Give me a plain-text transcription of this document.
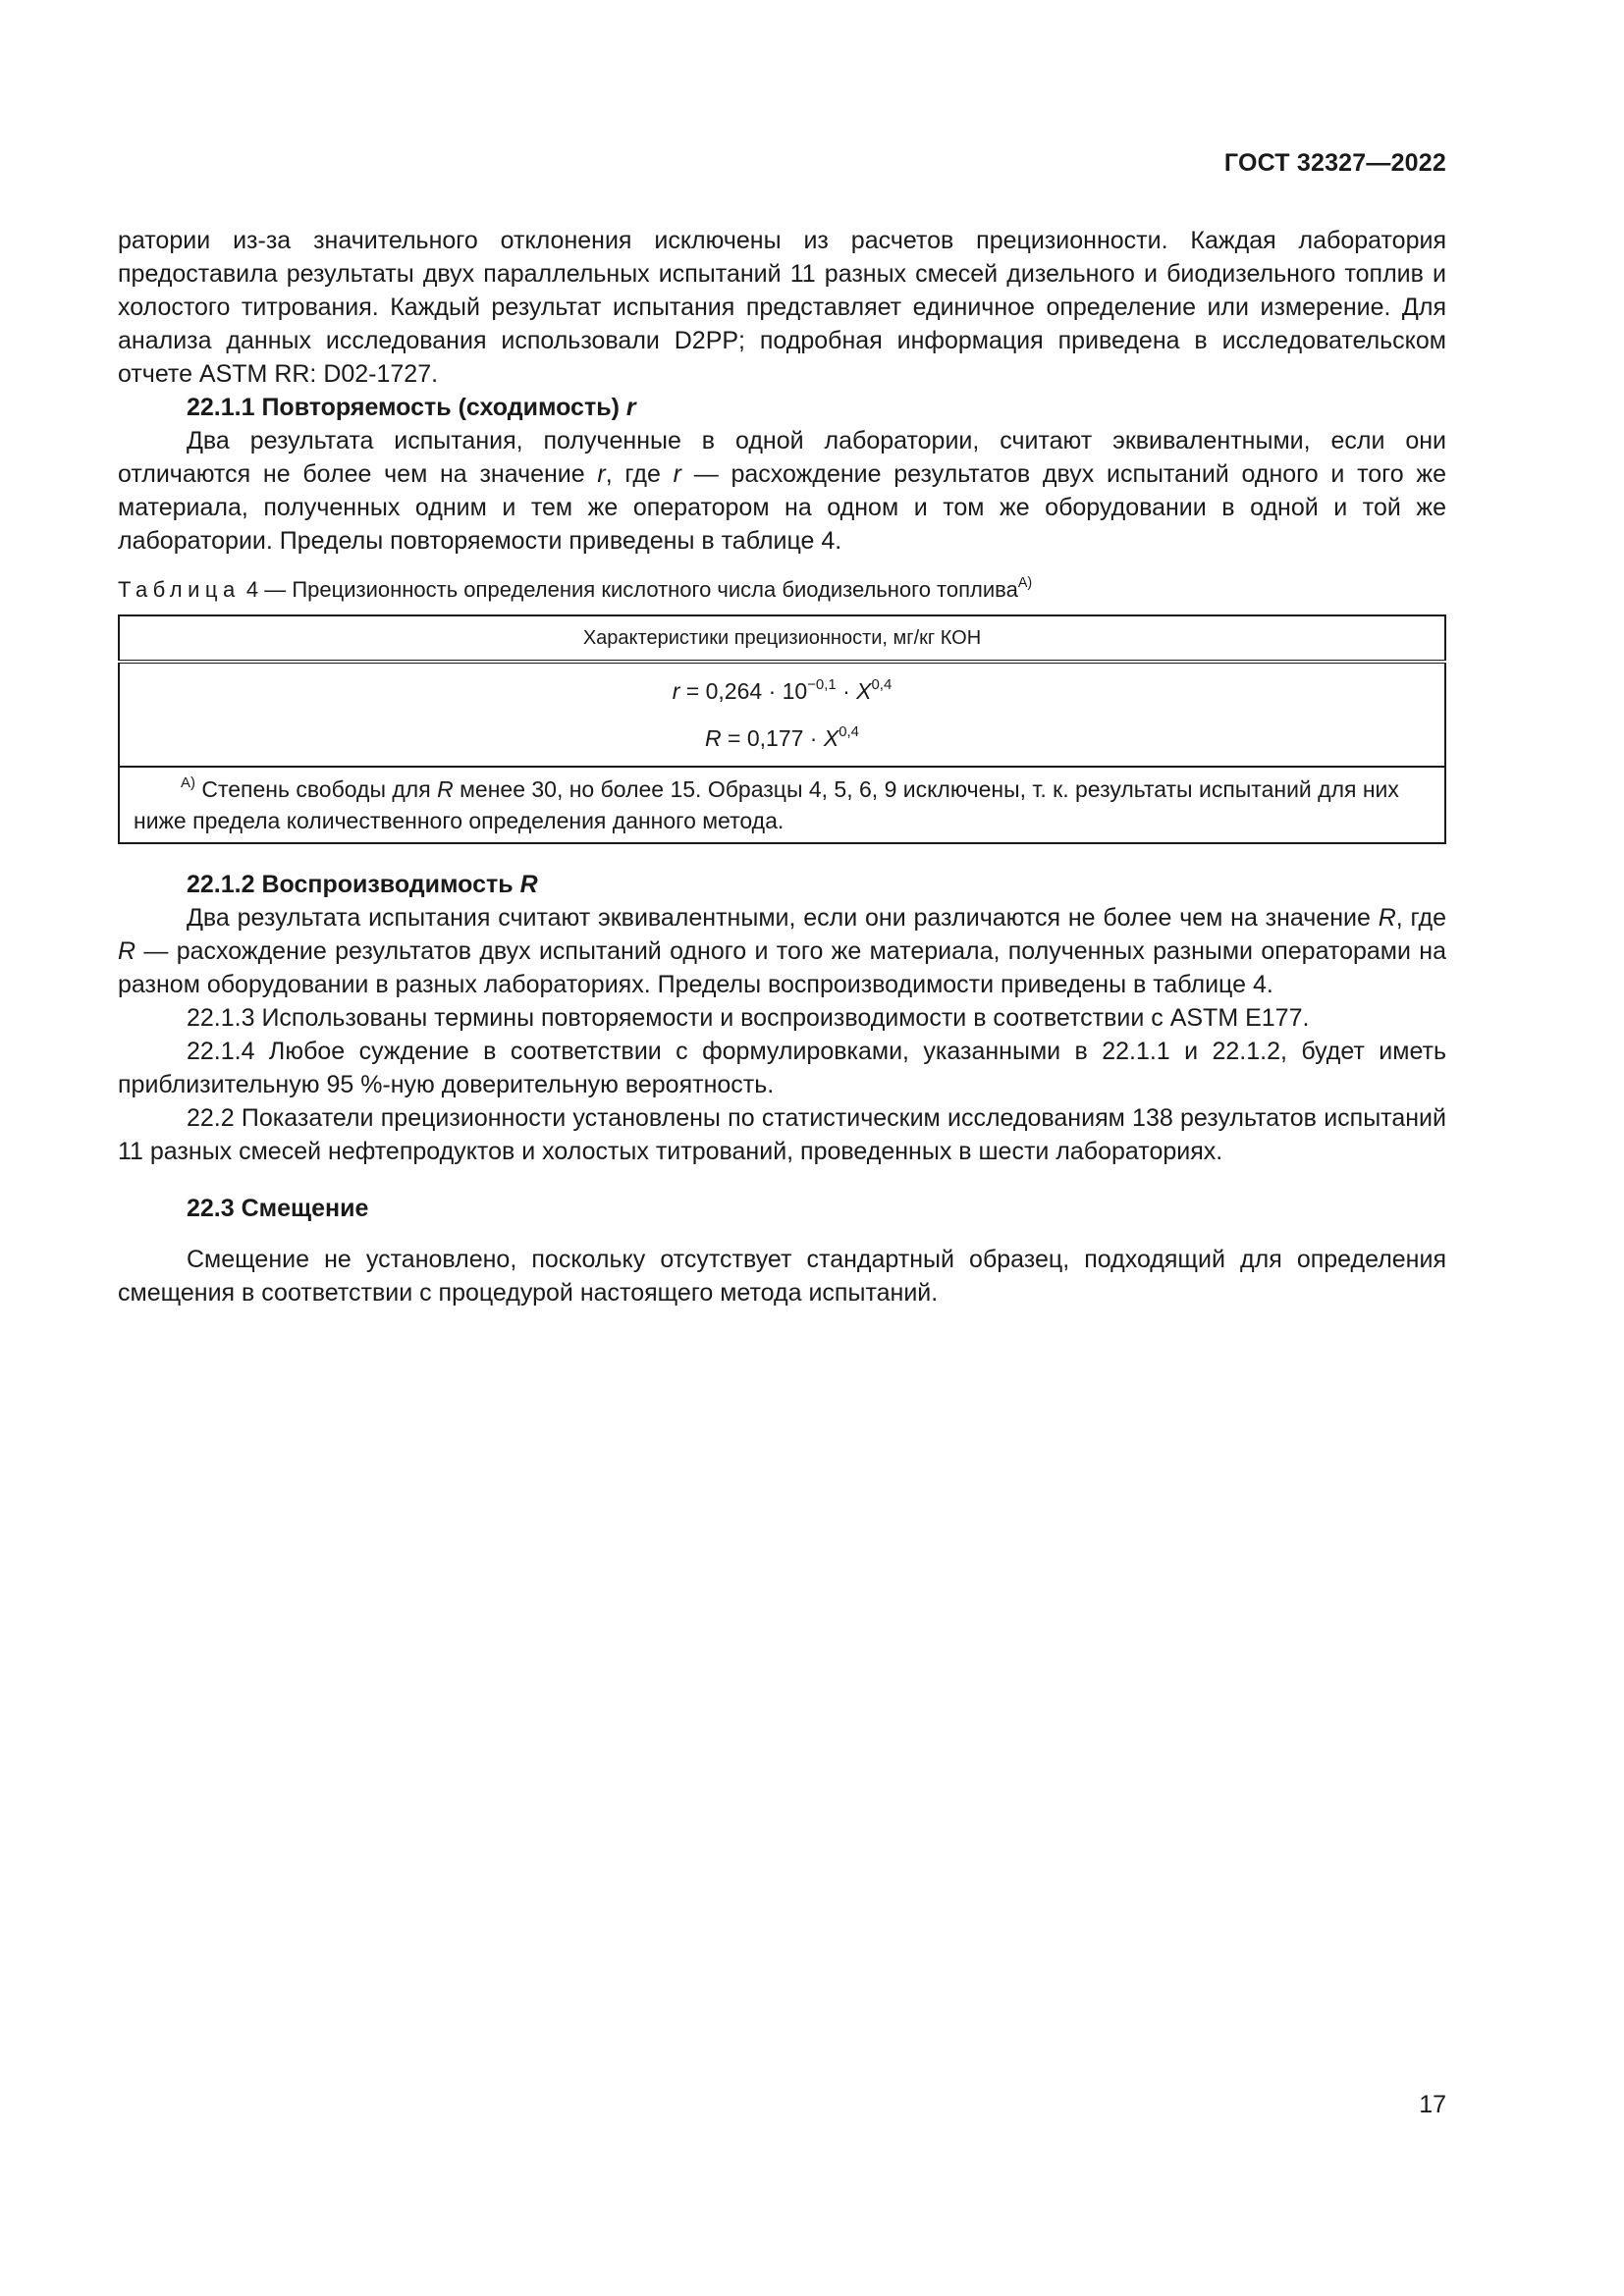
ГОСТ 32327—2022

ратории из-за значительного отклонения исключены из расчетов прецизионности. Каждая лаборатория предоставила результаты двух параллельных испытаний 11 разных смесей дизельного и биодизельного топлив и холостого титрования. Каждый результат испытания представляет единичное определение или измерение. Для анализа данных исследования использовали D2PP; подробная информация приведена в исследовательском отчете ASTM RR: D02-1727.

22.1.1 Повторяемость (сходимость) r

Два результата испытания, полученные в одной лаборатории, считают эквивалентными, если они отличаются не более чем на значение r, где r — расхождение результатов двух испытаний одного и того же материала, полученных одним и тем же оператором на одном и том же оборудовании в одной и той же лаборатории. Пределы повторяемости приведены в таблице 4.

Таблица 4 — Прецизионность определения кислотного числа биодизельного топлива$^{A)}$
Характеристики прецизионности, мг/кг КОН

$r = 0,264 \cdot 10^{-0,1} \cdot X^{0,4}$
R = 0,177 · X$^{0,4}$

$^{A)}$ Степень свободы для R менее 30, но более 15. Образцы 4, 5, 6, 9 исключены, т. к. результаты испытаний для них ниже предела количественного определения данного метода.

22.1.2 Воспроизводимость R

Два результата испытания считают эквивалентными, если они различаются не более чем на значение R, где R — расхождение результатов двух испытаний одного и того же материала, полученных разными операторами на разном оборудовании в разных лабораториях. Пределы воспроизводимости приведены в таблице 4.

22.1.3 Использованы термины повторяемости и воспроизводимости в соответствии с ASTM E177.

22.1.4 Любое суждение в соответствии с формулировками, указанными в 22.1.1 и 22.1.2, будет иметь приблизительную 95 %-ную доверительную вероятность.

22.2 Показатели прецизионности установлены по статистическим исследованиям 138 результатов испытаний 11 разных смесей нефтепродуктов и холостых титрований, проведенных в шести лабораториях.

22.3 Смещение

Смещение не установлено, поскольку отсутствует стандартный образец, подходящий для определения смещения в соответствии с процедурой настоящего метода испытаний.

17
